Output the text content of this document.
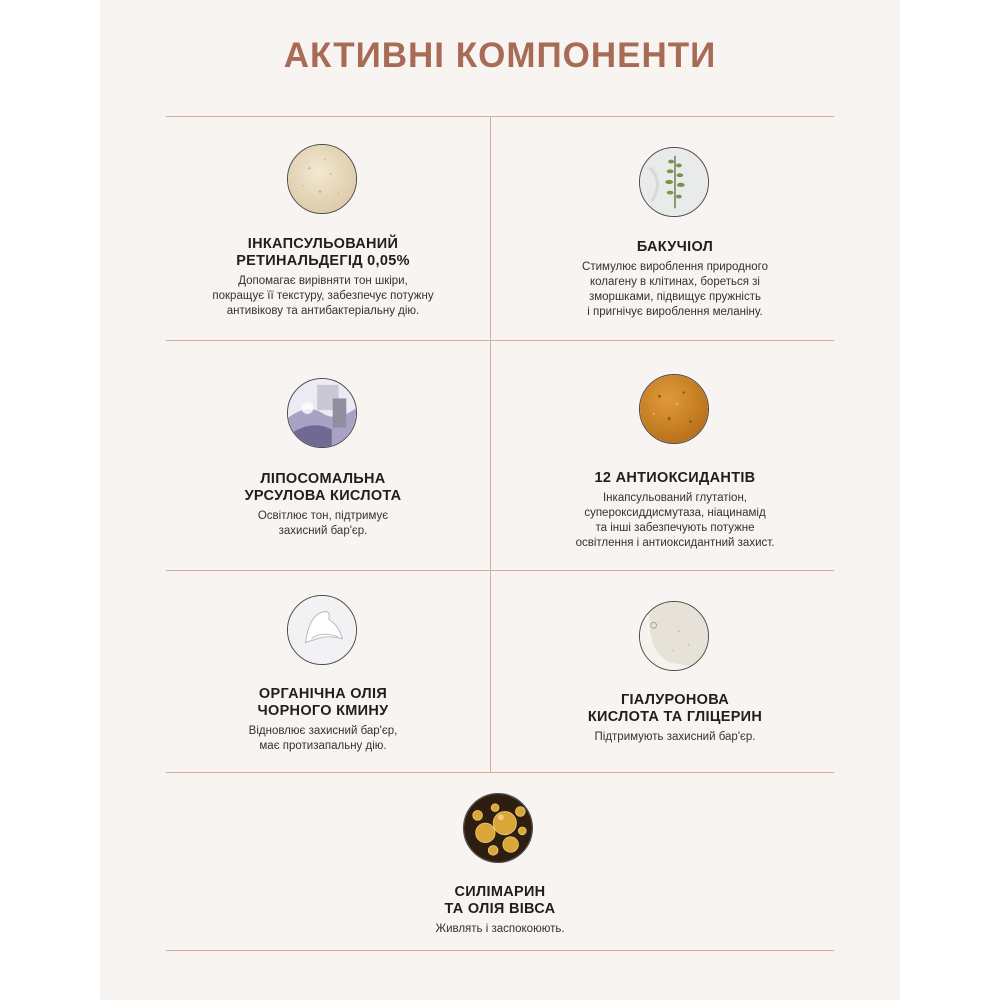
АКТИВНІ КОМПОНЕНТИ
ІНКАПСУЛЬОВАНИЙ
РЕТИНАЛЬДЕГІД 0,05%
Допомагає вирівняти тон шкіри,
покращує її текстуру, забезпечує потужну
антивікову та антибактеріальну дію.
БАКУЧІОЛ
Стимулює вироблення природного
колагену в клітинах, бореться зі
зморшками, підвищує пружність
і пригнічує вироблення меланіну.
ЛІПОСОМАЛЬНА
УРСУЛОВА КИСЛОТА
Освітлює тон, підтримує
захисний бар'єр.
12 АНТИОКСИДАНТІВ
Інкапсульований глутатіон,
супероксиддисмутаза, ніацинамід
та інші забезпечують потужне
освітлення і антиоксидантний захист.
ОРГАНІЧНА ОЛІЯ
ЧОРНОГО КМИНУ
Відновлює захисний бар'єр,
має протизапальну дію.
ГІАЛУРОНОВА
КИСЛОТА ТА ГЛІЦЕРИН
Підтримують захисний бар'єр.
СИЛІМАРИН
ТА ОЛІЯ ВІВСА
Живлять і заспокоюють.
